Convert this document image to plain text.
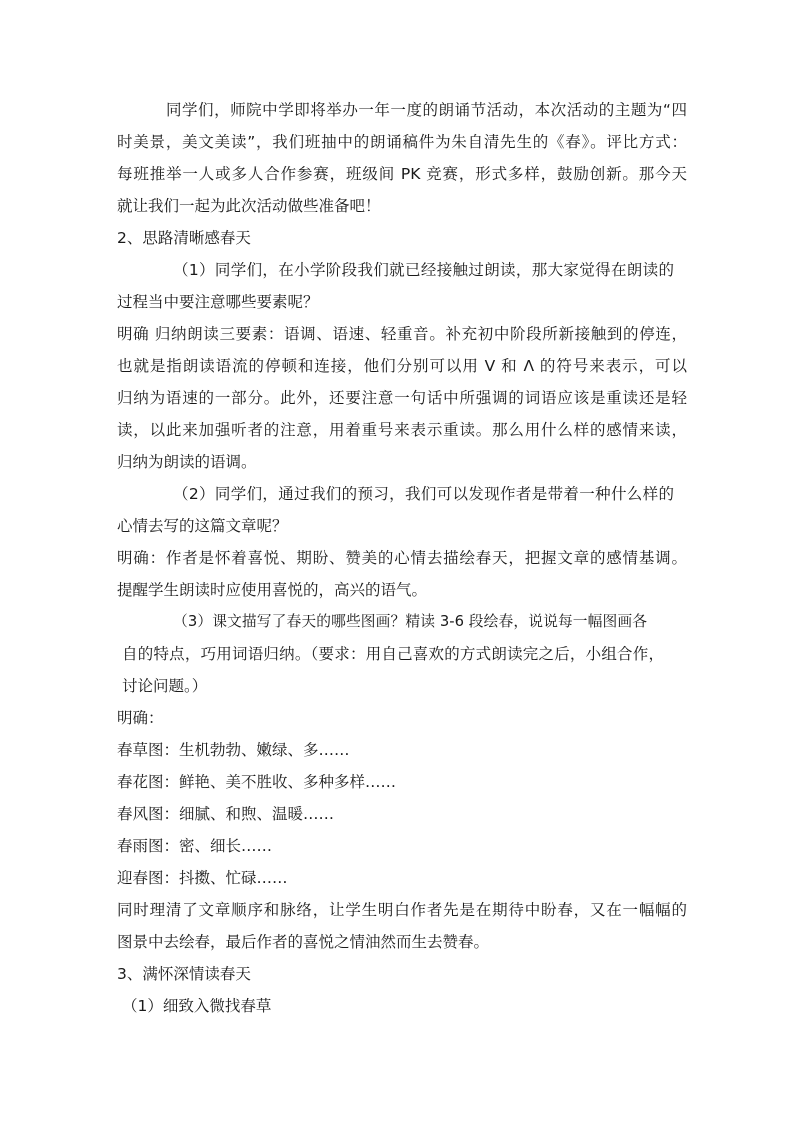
同学们，师院中学即将举办一年一度的朗诵节活动，本次活动的主题为“四
时美景，美文美读”，我们班抽中的朗诵稿件为朱自清先生的《春》。评比方式：
每班推举一人或多人合作参赛，班级间 PK 竞赛，形式多样，鼓励创新。那今天
就让我们一起为此次活动做些准备吧！
2、思路清晰感春天
（1）同学们，在小学阶段我们就已经接触过朗读，那大家觉得在朗读的
过程当中要注意哪些要素呢？
明确 归纳朗读三要素：语调、语速、轻重音。补充初中阶段所新接触到的停连，
也就是指朗读语流的停顿和连接，他们分别可以用 V 和 Λ 的符号来表示，可以
归纳为语速的一部分。此外，还要注意一句话中所强调的词语应该是重读还是轻
读，以此来加强听者的注意，用着重号来表示重读。那么用什么样的感情来读，
归纳为朗读的语调。
（2）同学们，通过我们的预习，我们可以发现作者是带着一种什么样的
心情去写的这篇文章呢？
明确：作者是怀着喜悦、期盼、赞美的心情去描绘春天，把握文章的感情基调。
提醒学生朗读时应使用喜悦的，高兴的语气。
（3）课文描写了春天的哪些图画？精读 3-6 段绘春，说说每一幅图画各
自的特点，巧用词语归纳。（要求：用自己喜欢的方式朗读完之后，小组合作，
讨论问题。）
明确：
春草图：生机勃勃、嫩绿、多……
春花图：鲜艳、美不胜收、多种多样……
春风图：细腻、和煦、温暖……
春雨图：密、细长……
迎春图：抖擞、忙碌……
同时理清了文章顺序和脉络，让学生明白作者先是在期待中盼春，又在一幅幅的
图景中去绘春，最后作者的喜悦之情油然而生去赞春。
3、满怀深情读春天
（1）细致入微找春草
